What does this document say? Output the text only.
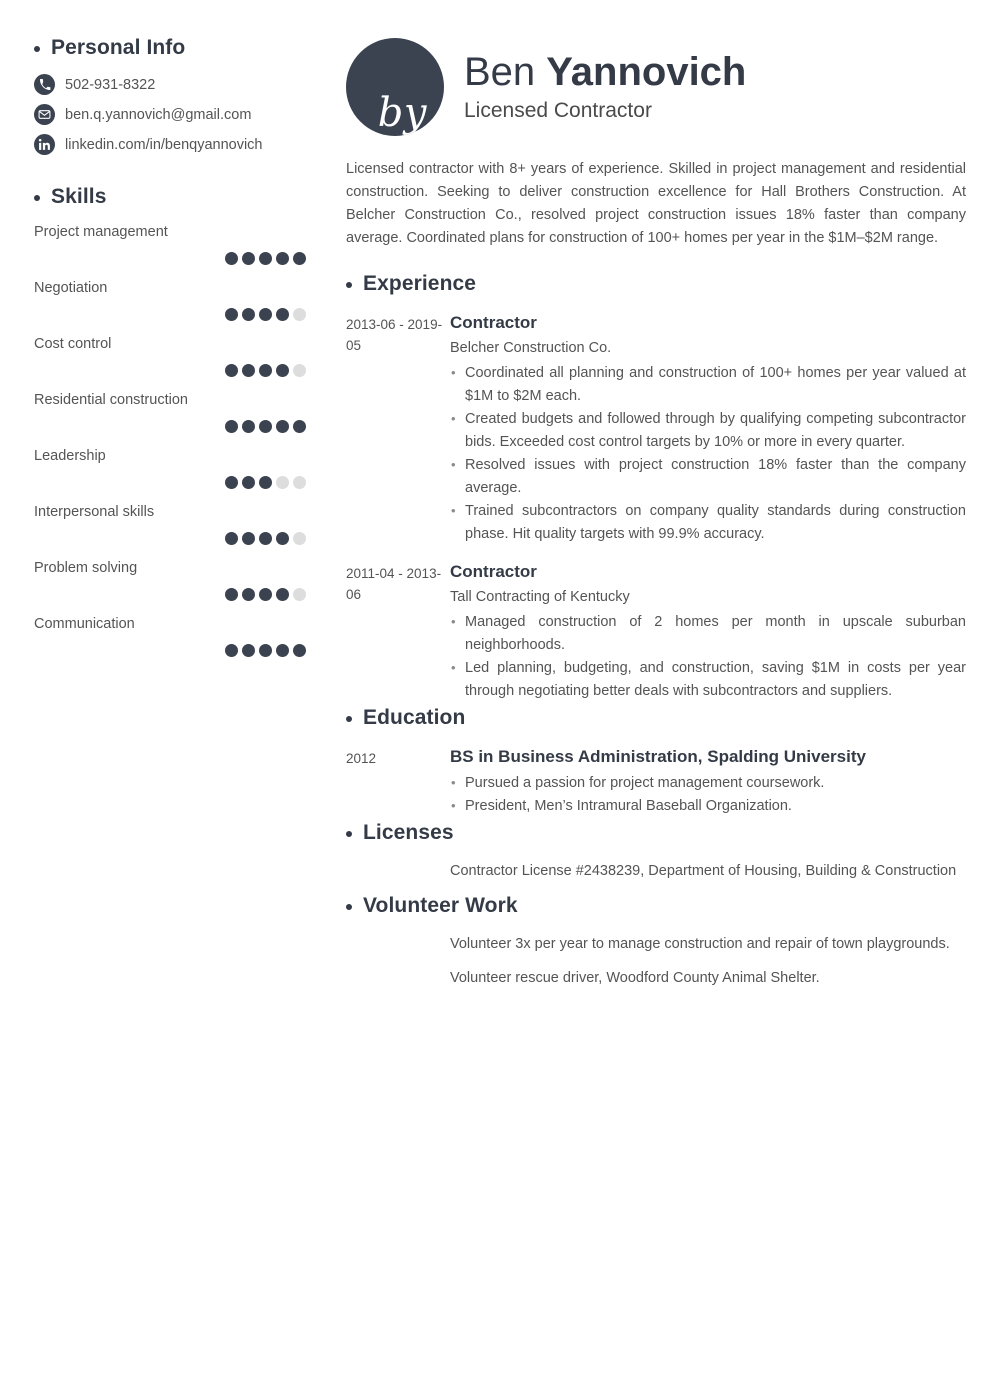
Personal Info
502-931-8322
ben.q.yannovich@gmail.com
linkedin.com/in/benqyannovich
Skills
Project management
Negotiation
Cost control
Residential construction
Leadership
Interpersonal skills
Problem solving
Communication
by
Ben Yannovich
Licensed Contractor
Licensed contractor with 8+ years of experience. Skilled in project management and residential construction. Seeking to deliver construction excellence for Hall Brothers Construction. At Belcher Construction Co., resolved project construction issues 18% faster than company average. Coordinated plans for construction of 100+ homes per year in the $1M–$2M range.
Experience
2013-06 - 2019-05
Contractor
Belcher Construction Co.
• Coordinated all planning and construction of 100+ homes per year valued at $1M to $2M each.
• Created budgets and followed through by qualifying competing subcontractor bids. Exceeded cost control targets by 10% or more in every quarter.
• Resolved issues with project construction 18% faster than the company average.
• Trained subcontractors on company quality standards during construction phase. Hit quality targets with 99.9% accuracy.
2011-04 - 2013-06
Contractor
Tall Contracting of Kentucky
• Managed construction of 2 homes per month in upscale suburban neighborhoods.
• Led planning, budgeting, and construction, saving $1M in costs per year through negotiating better deals with subcontractors and suppliers.
Education
2012	BS in Business Administration, Spalding University
• Pursued a passion for project management coursework.
• President, Men’s Intramural Baseball Organization.
Licenses
Contractor License #2438239, Department of Housing, Building & Construction
Volunteer Work
Volunteer 3x per year to manage construction and repair of town playgrounds.
Volunteer rescue driver, Woodford County Animal Shelter.
